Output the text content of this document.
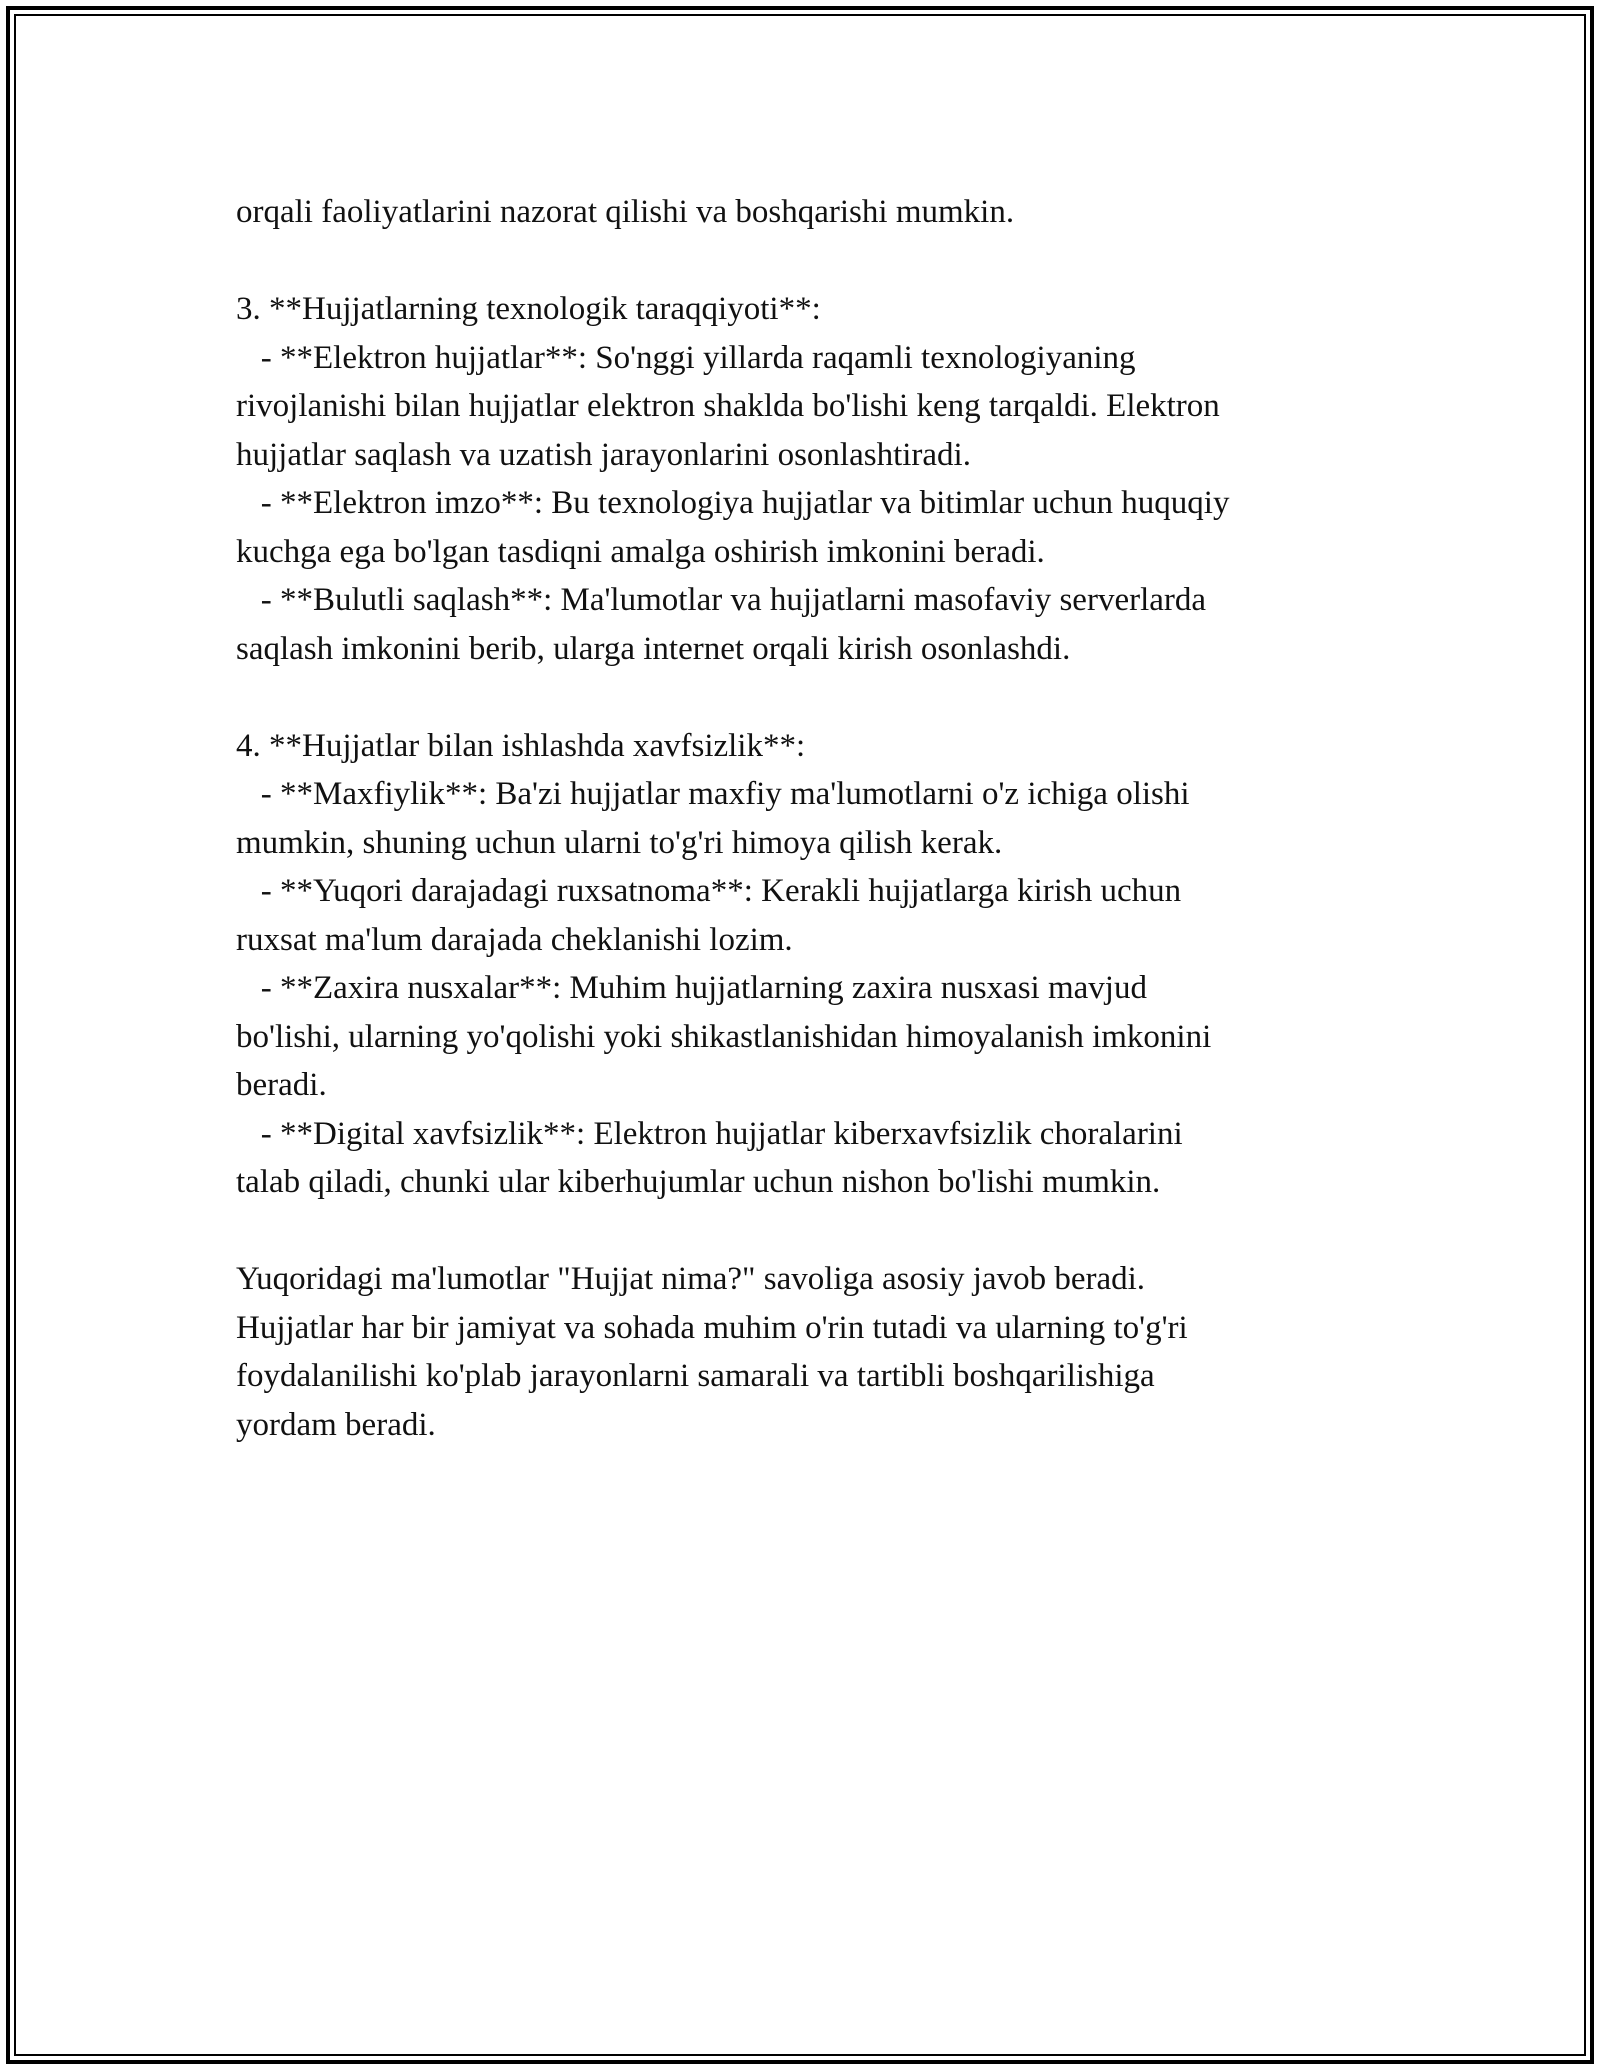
orqali faoliyatlarini nazorat qilishi va boshqarishi mumkin.
3. **Hujjatlarning texnologik taraqqiyoti**:
- **Elektron hujjatlar**: So'nggi yillarda raqamli texnologiyaning
rivojlanishi bilan hujjatlar elektron shaklda bo'lishi keng tarqaldi. Elektron
hujjatlar saqlash va uzatish jarayonlarini osonlashtiradi.
- **Elektron imzo**: Bu texnologiya hujjatlar va bitimlar uchun huquqiy
kuchga ega bo'lgan tasdiqni amalga oshirish imkonini beradi.
- **Bulutli saqlash**: Ma'lumotlar va hujjatlarni masofaviy serverlarda
saqlash imkonini berib, ularga internet orqali kirish osonlashdi.
4. **Hujjatlar bilan ishlashda xavfsizlik**:
- **Maxfiylik**: Ba'zi hujjatlar maxfiy ma'lumotlarni o'z ichiga olishi
mumkin, shuning uchun ularni to'g'ri himoya qilish kerak.
- **Yuqori darajadagi ruxsatnoma**: Kerakli hujjatlarga kirish uchun
ruxsat ma'lum darajada cheklanishi lozim.
- **Zaxira nusxalar**: Muhim hujjatlarning zaxira nusxasi mavjud
bo'lishi, ularning yo'qolishi yoki shikastlanishidan himoyalanish imkonini
beradi.
- **Digital xavfsizlik**: Elektron hujjatlar kiberxavfsizlik choralarini
talab qiladi, chunki ular kiberhujumlar uchun nishon bo'lishi mumkin.
Yuqoridagi ma'lumotlar "Hujjat nima?" savoliga asosiy javob beradi.
Hujjatlar har bir jamiyat va sohada muhim o'rin tutadi va ularning to'g'ri
foydalanilishi ko'plab jarayonlarni samarali va tartibli boshqarilishiga
yordam beradi.
